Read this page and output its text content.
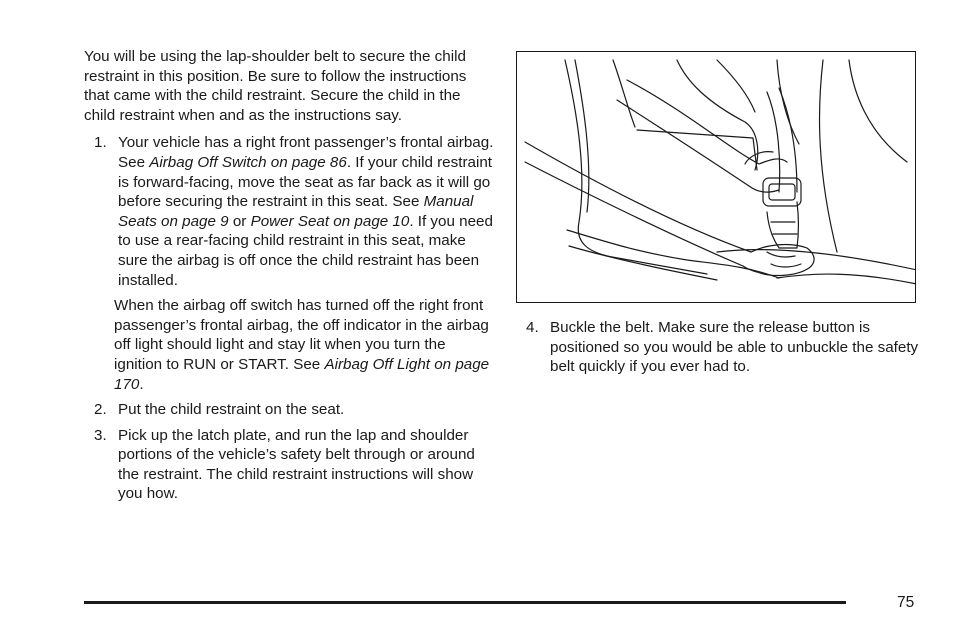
You will be using the lap-shoulder belt to secure the child restraint in this position. Be sure to follow the instructions that came with the child restraint. Secure the child in the child restraint when and as the instructions say.

1. Your vehicle has a right front passenger’s frontal airbag. See Airbag Off Switch on page 86. If your child restraint is forward-facing, move the seat as far back as it will go before securing the restraint in this seat. See Manual Seats on page 9 or Power Seat on page 10. If you need to use a rear-facing child restraint in this seat, make sure the airbag is off once the child restraint has been installed.
When the airbag off switch has turned off the right front passenger’s frontal airbag, the off indicator in the airbag off light should light and stay lit when you turn the ignition to RUN or START. See Airbag Off Light on page 170.
2. Put the child restraint on the seat.
3. Pick up the latch plate, and run the lap and shoulder portions of the vehicle’s safety belt through or around the restraint. The child restraint instructions will show you how.
4. Buckle the belt. Make sure the release button is positioned so you would be able to unbuckle the safety belt quickly if you ever had to.
75
